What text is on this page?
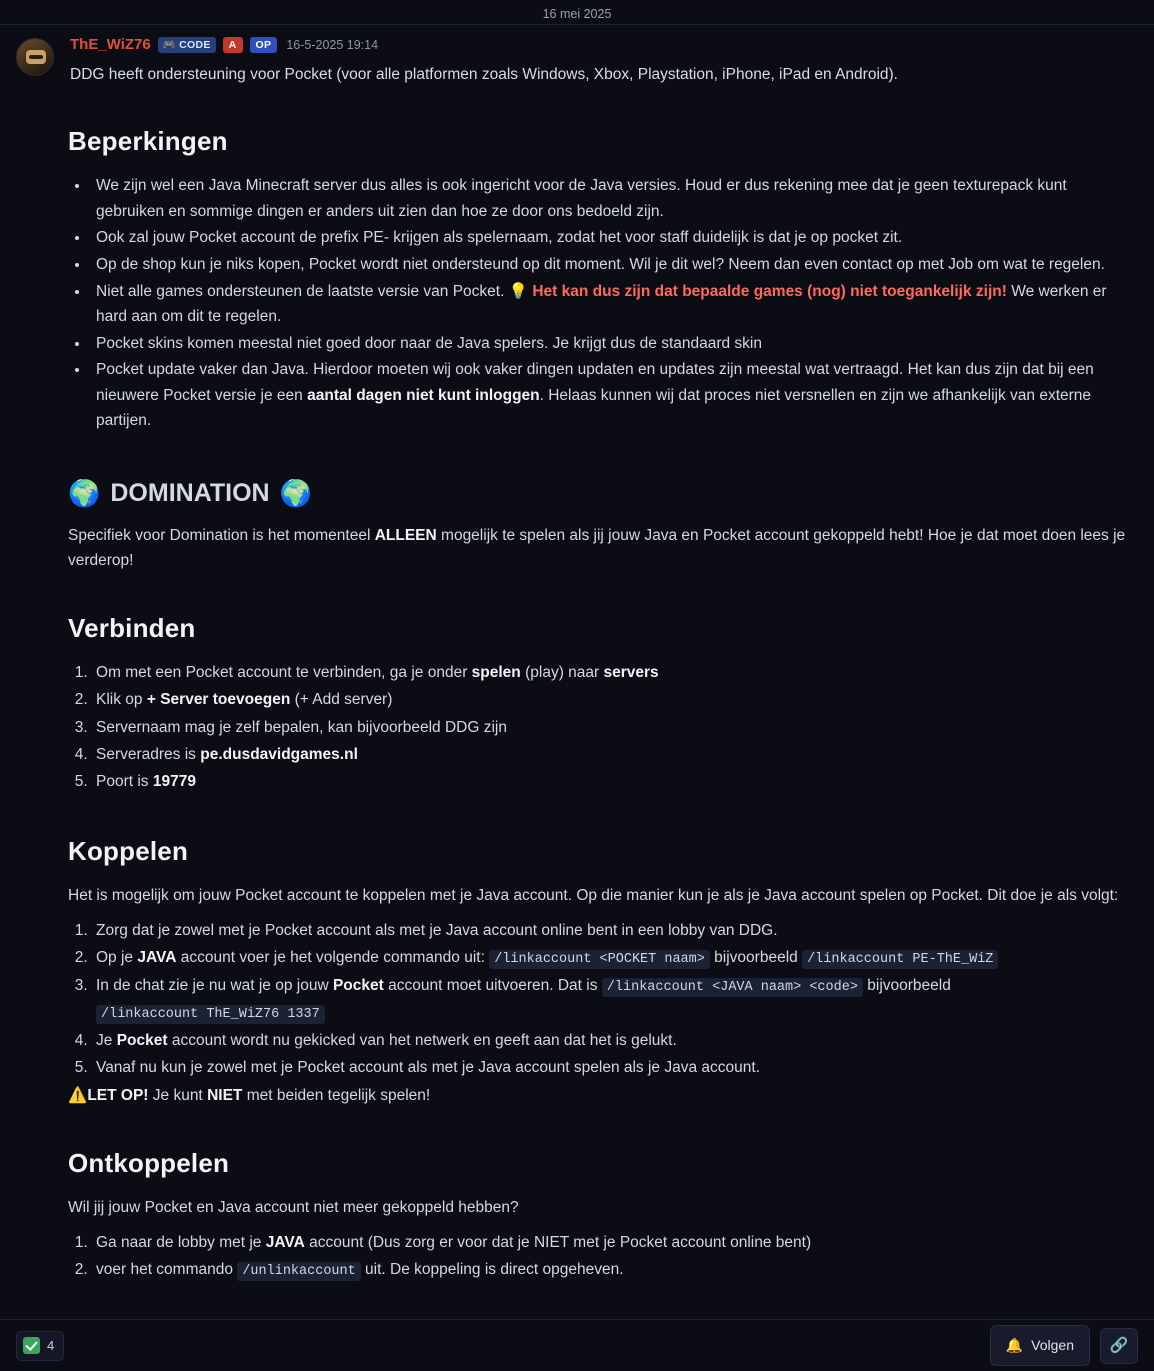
16 mei 2025
ThE_WiZ76 🎮 CODE	A	OP	16-5-2025 19:14
DDG heeft ondersteuning voor Pocket (voor alle platformen zoals Windows, Xbox, Playstation, iPhone, iPad en Android).
Beperkingen
• We zijn wel een Java Minecraft server dus alles is ook ingericht voor de Java versies. Houd er dus rekening mee dat je geen texturepack kunt gebruiken en sommige dingen er anders uit zien dan hoe ze door ons bedoeld zijn.
• Ook zal jouw Pocket account de prefix PE- krijgen als spelernaam, zodat het voor staff duidelijk is dat je op pocket zit.
• Op de shop kun je niks kopen, Pocket wordt niet ondersteund op dit moment. Wil je dit wel? Neem dan even contact op met Job om wat te regelen.
• Niet alle games ondersteunen de laatste versie van Pocket. 💡 Het kan dus zijn dat bepaalde games (nog) niet toegankelijk zijn! We werken er hard aan om dit te regelen.
• Pocket skins komen meestal niet goed door naar de Java spelers. Je krijgt dus de standaard skin
• Pocket update vaker dan Java. Hierdoor moeten wij ook vaker dingen updaten en updates zijn meestal wat vertraagd. Het kan dus zijn dat bij een nieuwere Pocket versie je een aantal dagen niet kunt inloggen. Helaas kunnen wij dat proces niet versnellen en zijn we afhankelijk van externe partijen.
🌍 DOMINATION 🌍

Specifiek voor Domination is het momenteel ALLEEN mogelijk te spelen als jij jouw Java en Pocket account gekoppeld hebt! Hoe je dat moet doen lees je verderop!

Verbinden
1. Om met een Pocket account te verbinden, ga je onder spelen (play) naar servers
2. Klik op + Server toevoegen (+ Add server)
3. Servernaam mag je zelf bepalen, kan bijvoorbeeld DDG zijn
4. Serveradres is pe.dusdavidgames.nl
5. Poort is 19779
Koppelen

Het is mogelijk om jouw Pocket account te koppelen met je Java account. Op die manier kun je als je Java account spelen op Pocket. Dit doe je als volgt:

1. Zorg dat je zowel met je Pocket account als met je Java account online bent in een lobby van DDG.
2. Op je JAVA account voer je het volgende commando uit: /linkaccount <POCKET naam> bijvoorbeeld /linkaccount PE-ThE_WiZ
3. In de chat zie je nu wat je op jouw Pocket account moet uitvoeren. Dat is /linkaccount <JAVA naam> <code> bijvoorbeeld /linkaccount ThE_WiZ76 1337
4. Je Pocket account wordt nu gekicked van het netwerk en geeft aan dat het is gelukt.
5. Vanaf nu kun je zowel met je Pocket account als met je Java account spelen als je Java account.

⚠️LET OP! Je kunt NIET met beiden tegelijk spelen!

Ontkoppelen

Wil jij jouw Pocket en Java account niet meer gekoppeld hebben?

1. Ga naar de lobby met je JAVA account (Dus zorg er voor dat je NIET met je Pocket account online bent)
2. voer het commando /unlinkaccount uit. De koppeling is direct opgeheven.
4	🔔 Volgen 🔗
